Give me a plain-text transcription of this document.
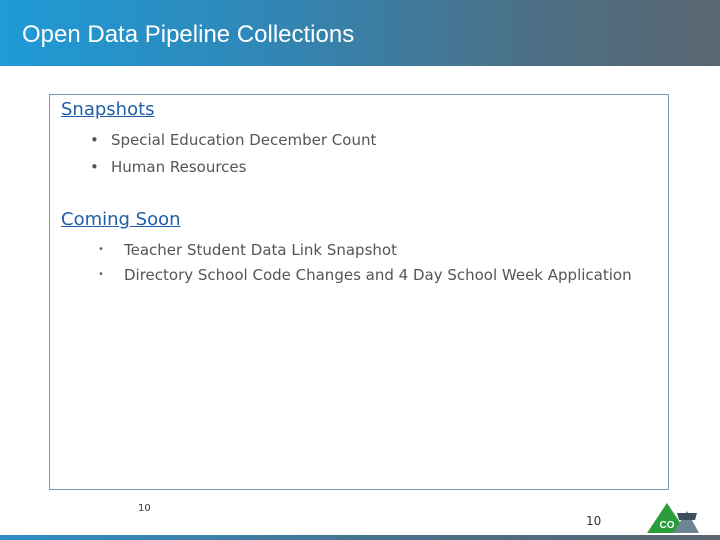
Open Data Pipeline Collections
Snapshots
• Special Education December Count
• Human Resources
Coming Soon
• Teacher Student Data Link Snapshot
• Directory School Code Changes and 4 Day School Week Application
10
10	CO
